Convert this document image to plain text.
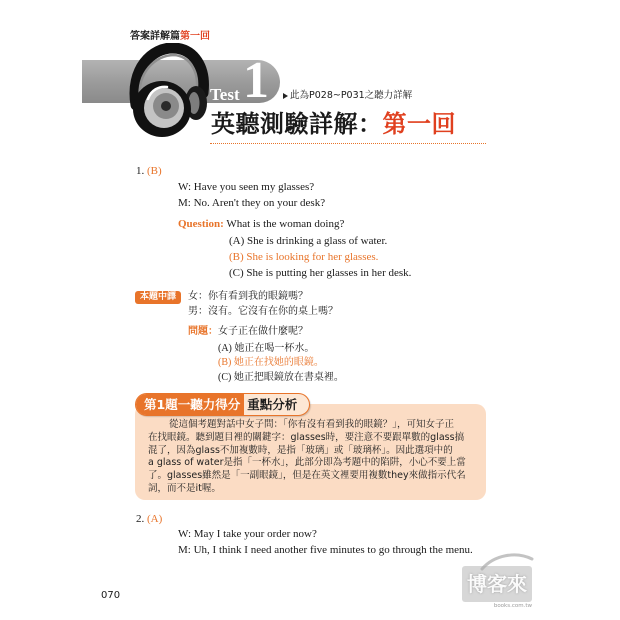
答案詳解篇第一回
Test 1 此為P028~P031之聽力詳解
英聽測驗詳解：第一回
1. (B)
W: Have you seen my glasses?
M: No. Aren't they on your desk?
Question: What is the woman doing?
(A) She is drinking a glass of water.
(B) She is looking for her glasses.
(C) She is putting her glasses in her desk.
本題中譯	女：你有看到我的眼鏡嗎？
男：沒有。它沒有在你的桌上嗎？
問題：女子正在做什麼呢？
(A) 她正在喝一杯水。
(B) 她正在找她的眼鏡。
(C) 她正把眼鏡放在書桌裡。
第1題一聽力得分 重點分析
從這個考題對話中女子問：「你有沒有看到我的眼鏡？」，可知女子正
在找眼鏡。聽到題目裡的關鍵字：glasses時，要注意不要跟單數的glass搞
混了，因為glass不加複數時，是指「玻璃」或「玻璃杯」。因此選項中的
a glass of water是指「一杯水」，此部分即為考題中的陷阱，小心不要上當
了。glasses雖然是「一副眼鏡」，但是在英文裡要用複數they來做指示代名
詞，而不是it喔。
2. (A)
W: May I take your order now?
M: Uh, I think I need another five minutes to go through the menu.
070	博客來
books.com.tw
